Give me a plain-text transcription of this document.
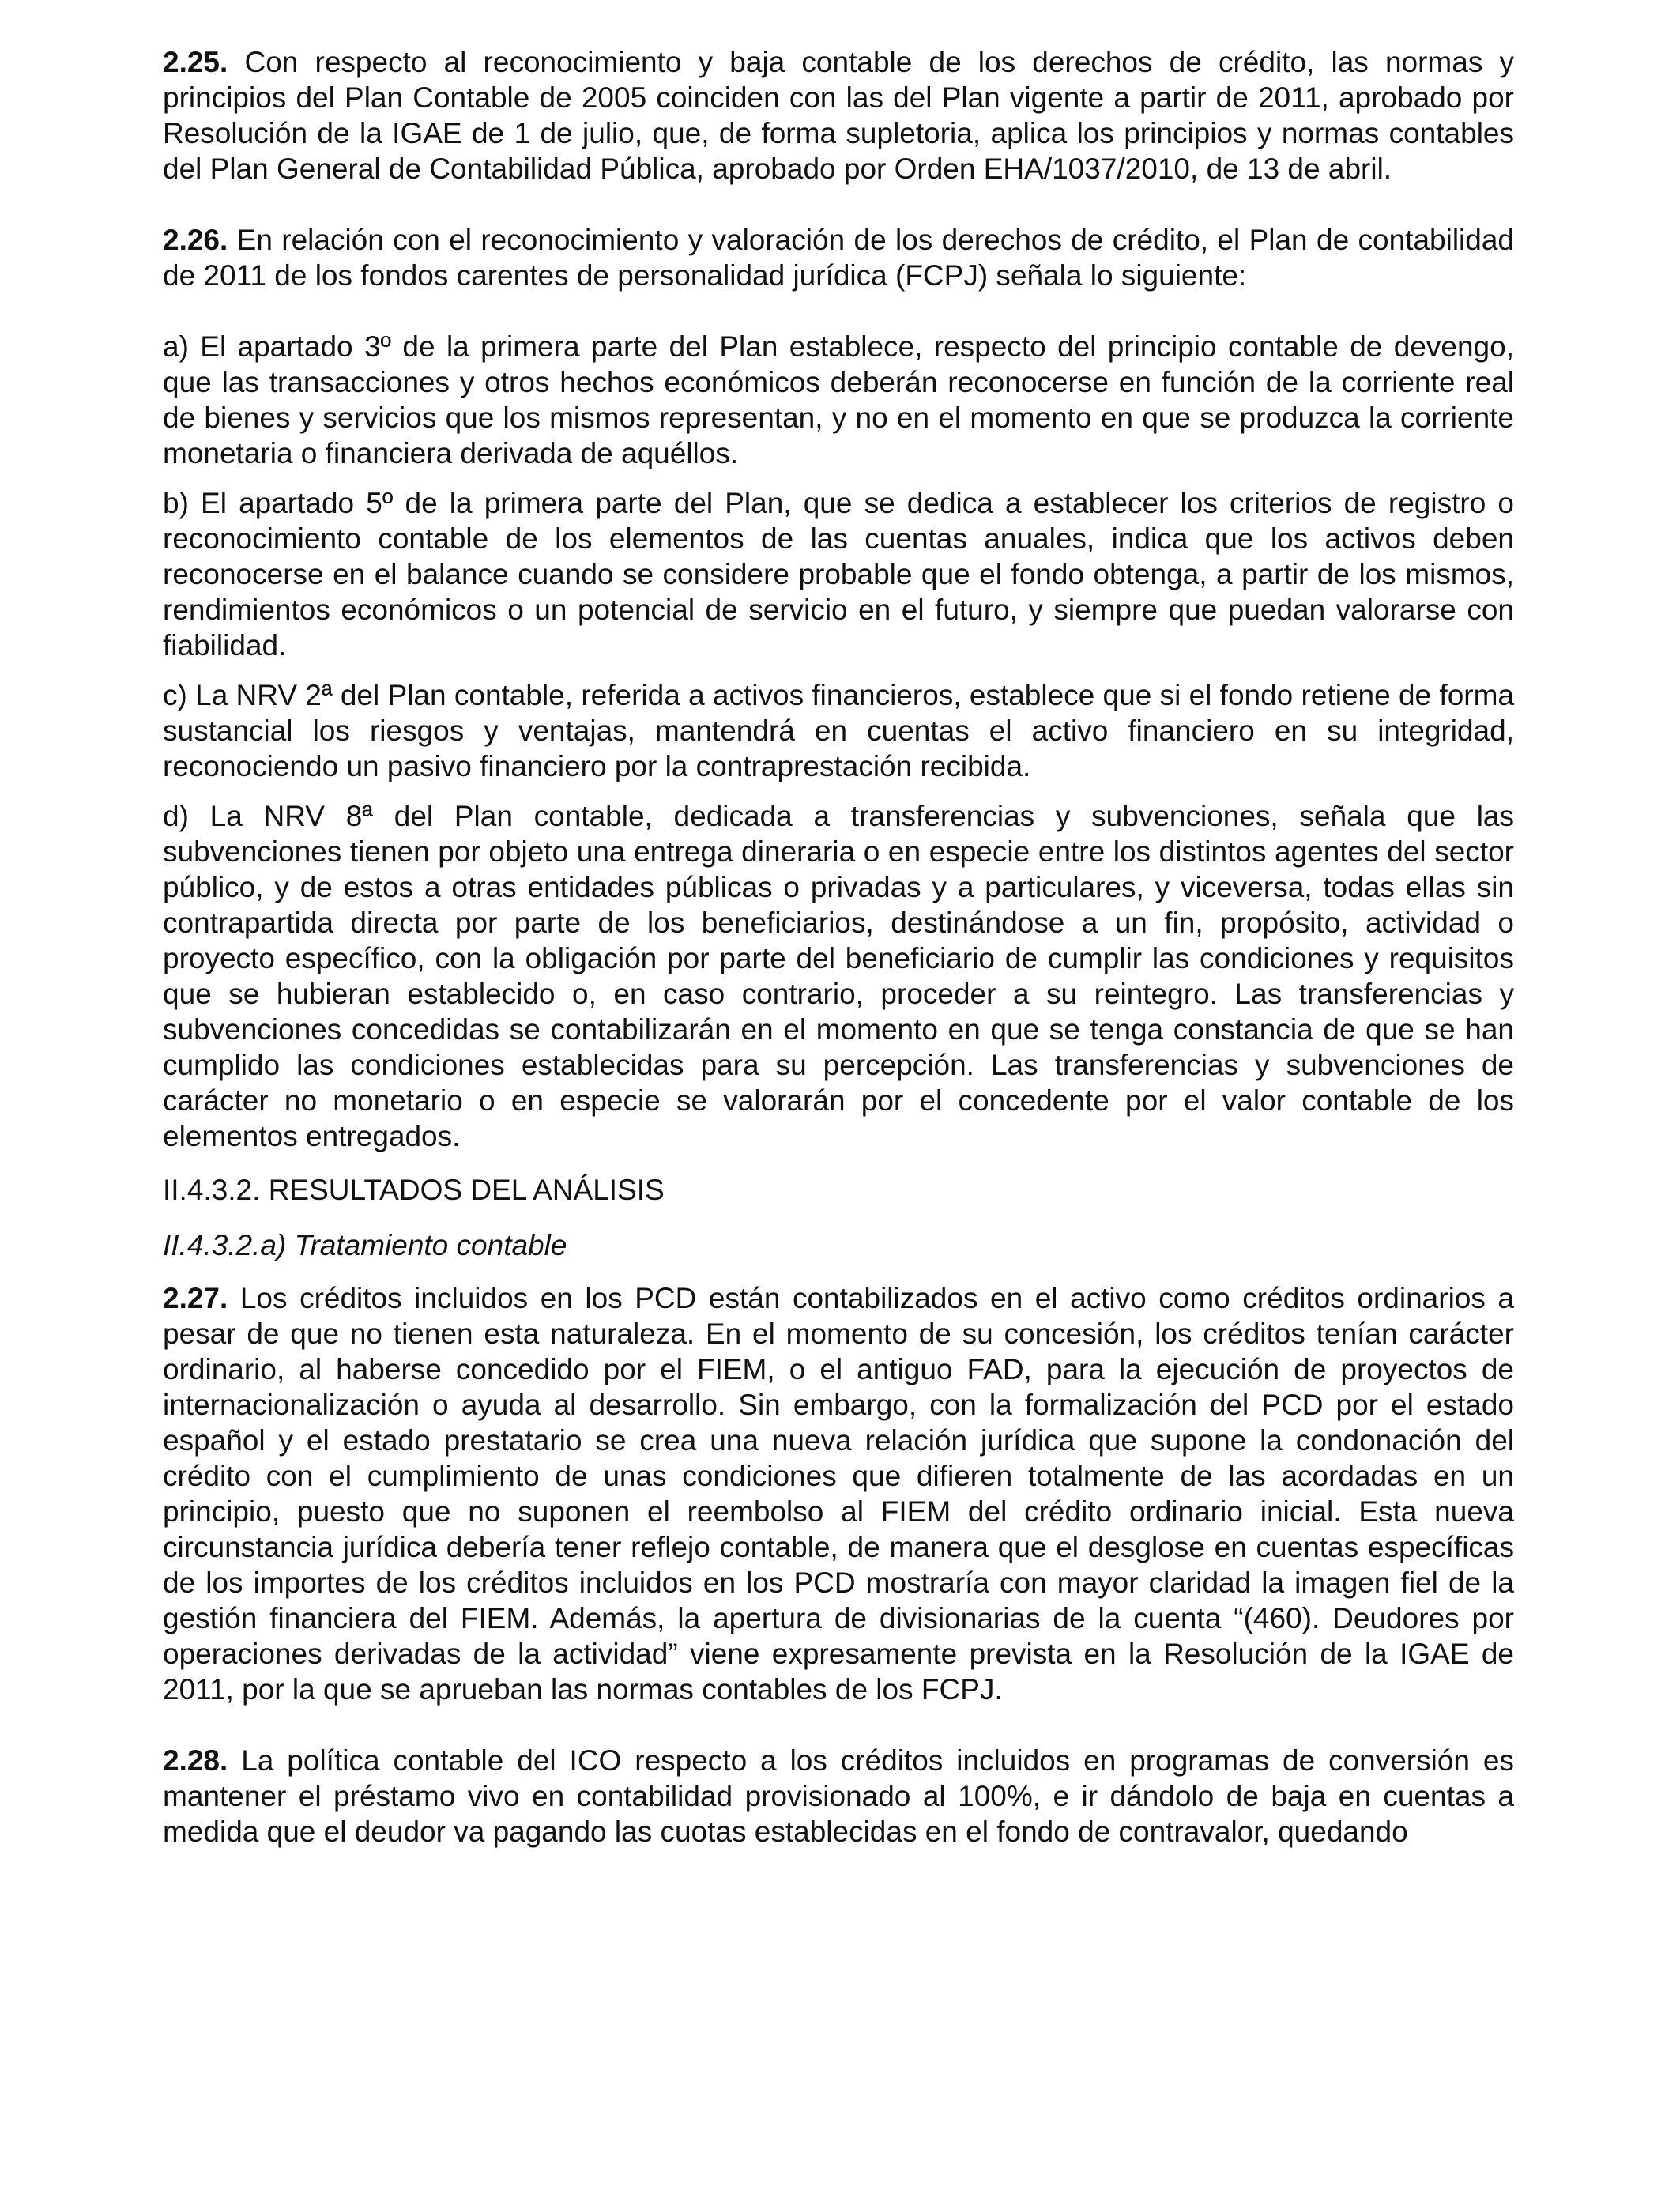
2.25. Con respecto al reconocimiento y baja contable de los derechos de crédito, las normas y principios del Plan Contable de 2005 coinciden con las del Plan vigente a partir de 2011, aprobado por Resolución de la IGAE de 1 de julio, que, de forma supletoria, aplica los principios y normas contables del Plan General de Contabilidad Pública, aprobado por Orden EHA/1037/2010, de 13 de abril.

2.26. En relación con el reconocimiento y valoración de los derechos de crédito, el Plan de contabilidad de 2011 de los fondos carentes de personalidad jurídica (FCPJ) señala lo siguiente:

a) El apartado 3º de la primera parte del Plan establece, respecto del principio contable de devengo, que las transacciones y otros hechos económicos deberán reconocerse en función de la corriente real de bienes y servicios que los mismos representan, y no en el momento en que se produzca la corriente monetaria o financiera derivada de aquéllos.

b) El apartado 5º de la primera parte del Plan, que se dedica a establecer los criterios de registro o reconocimiento contable de los elementos de las cuentas anuales, indica que los activos deben reconocerse en el balance cuando se considere probable que el fondo obtenga, a partir de los mismos, rendimientos económicos o un potencial de servicio en el futuro, y siempre que puedan valorarse con fiabilidad.

c) La NRV 2ª del Plan contable, referida a activos financieros, establece que si el fondo retiene de forma sustancial los riesgos y ventajas, mantendrá en cuentas el activo financiero en su integridad, reconociendo un pasivo financiero por la contraprestación recibida.

d) La NRV 8ª del Plan contable, dedicada a transferencias y subvenciones, señala que las subvenciones tienen por objeto una entrega dineraria o en especie entre los distintos agentes del sector público, y de estos a otras entidades públicas o privadas y a particulares, y viceversa, todas ellas sin contrapartida directa por parte de los beneficiarios, destinándose a un fin, propósito, actividad o proyecto específico, con la obligación por parte del beneficiario de cumplir las condiciones y requisitos que se hubieran establecido o, en caso contrario, proceder a su reintegro. Las transferencias y subvenciones concedidas se contabilizarán en el momento en que se tenga constancia de que se han cumplido las condiciones establecidas para su percepción. Las transferencias y subvenciones de carácter no monetario o en especie se valorarán por el concedente por el valor contable de los elementos entregados.

II.4.3.2. RESULTADOS DEL ANÁLISIS

II.4.3.2.a) Tratamiento contable

2.27. Los créditos incluidos en los PCD están contabilizados en el activo como créditos ordinarios a pesar de que no tienen esta naturaleza. En el momento de su concesión, los créditos tenían carácter ordinario, al haberse concedido por el FIEM, o el antiguo FAD, para la ejecución de proyectos de internacionalización o ayuda al desarrollo. Sin embargo, con la formalización del PCD por el estado español y el estado prestatario se crea una nueva relación jurídica que supone la condonación del crédito con el cumplimiento de unas condiciones que difieren totalmente de las acordadas en un principio, puesto que no suponen el reembolso al FIEM del crédito ordinario inicial. Esta nueva circunstancia jurídica debería tener reflejo contable, de manera que el desglose en cuentas específicas de los importes de los créditos incluidos en los PCD mostraría con mayor claridad la imagen fiel de la gestión financiera del FIEM. Además, la apertura de divisionarias de la cuenta “(460). Deudores por operaciones derivadas de la actividad” viene expresamente prevista en la Resolución de la IGAE de 2011, por la que se aprueban las normas contables de los FCPJ.

2.28. La política contable del ICO respecto a los créditos incluidos en programas de conversión es mantener el préstamo vivo en contabilidad provisionado al 100%, e ir dándolo de baja en cuentas a medida que el deudor va pagando las cuotas establecidas en el fondo de contravalor, quedando
